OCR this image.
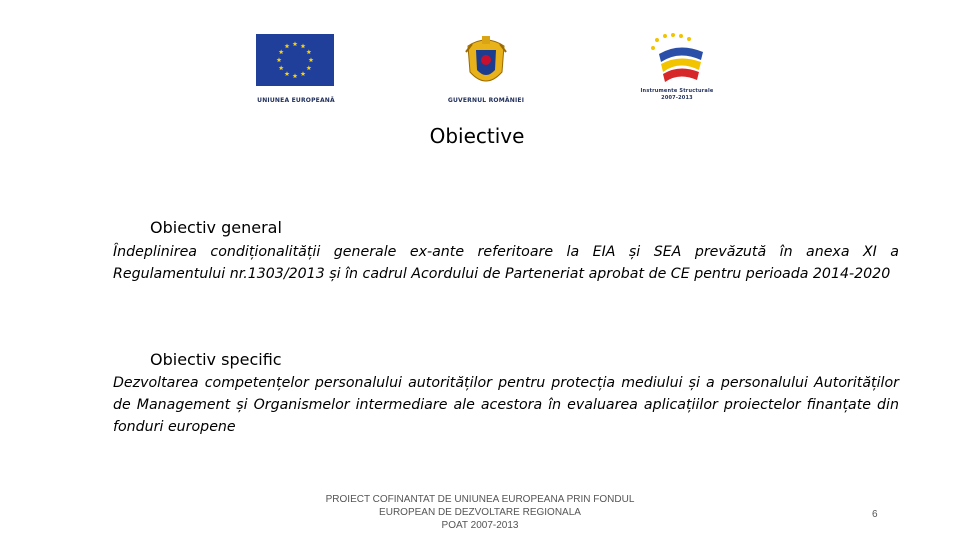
UNIUNEA EUROPEANĂ	GUVERNUL ROMÂNIEI
Instrumente Structurale
2007-2013
Obiective
Obiectiv general
Îndeplinirea condiționalității generale ex-ante referitoare la EIA și SEA prevăzută în anexa XI a Regulamentului nr.1303/2013 și în cadrul Acordului de Parteneriat aprobat de CE pentru perioada 2014-2020
Obiectiv specific
Dezvoltarea competențelor personalului autorităților pentru protecția mediului și a personalului Autorităților de Management și Organismelor intermediare ale acestora în evaluarea aplicațiilor proiectelor finanțate din fonduri europene
PROIECT COFINANTAT DE UNIUNEA EUROPEANA PRIN FONDUL
EUROPEAN DE DEZVOLTARE REGIONALA
POAT 2007-2013
6
